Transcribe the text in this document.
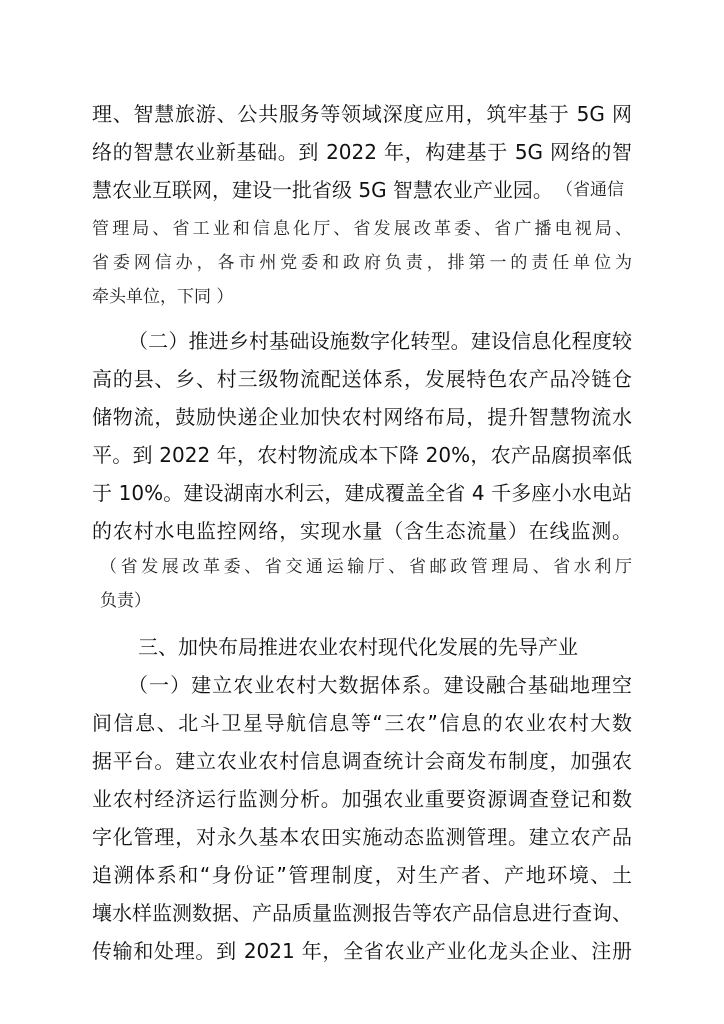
理、智慧旅游、公共服务等领域深度应用，筑牢基于 5G 网
络的智慧农业新基础。到 2022 年，构建基于 5G 网络的智
慧农业互联网，建设一批省级 5G 智慧农业产业园。 （省通信
管理局、省工业和信息化厅、省发展改革委、省广播电视局、
省委网信办，各市州党委和政府负责，排第一的责任单位为
牵头单位，下同 ）
（二）推进乡村基础设施数字化转型。建设信息化程度较
高的县、乡、村三级物流配送体系，发展特色农产品冷链仓
储物流，鼓励快递企业加快农村网络布局，提升智慧物流水
平。到 2022 年，农村物流成本下降 20%，农产品腐损率低
于 10%。建设湖南水利云，建成覆盖全省 4 千多座小水电站
的农村水电监控网络，实现水量（含生态流量）在线监测。
（省发展改革委、省交通运输厅、省邮政管理局、省水利厅
负责）
三、加快布局推进农业农村现代化发展的先导产业
（一）建立农业农村大数据体系。建设融合基础地理空
间信息、北斗卫星导航信息等“三农”信息的农业农村大数
据平台。建立农业农村信息调查统计会商发布制度，加强农
业农村经济运行监测分析。加强农业重要资源调查登记和数
字化管理，对永久基本农田实施动态监测管理。建立农产品
追溯体系和“身份证”管理制度，对生产者、产地环境、土
壤水样监测数据、产品质量监测报告等农产品信息进行查询、
传输和处理。到 2021 年，全省农业产业化龙头企业、注册
